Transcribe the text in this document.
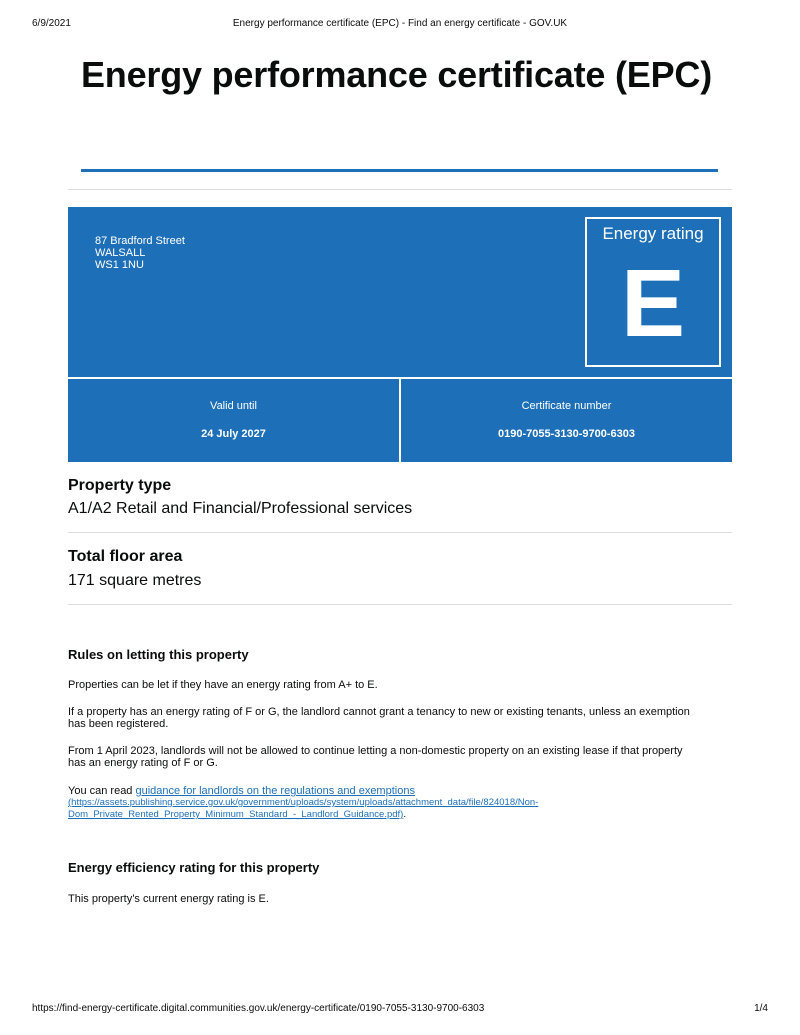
6/9/2021	Energy performance certificate (EPC) - Find an energy certificate - GOV.UK
Energy performance certificate (EPC)
87 Bradford Street
WALSALL
WS1 1NU
Energy rating
E
Valid until
24 July 2027
Certificate number
0190-7055-3130-9700-6303
Property type
A1/A2 Retail and Financial/Professional services
Total floor area
171 square metres
Rules on letting this property

Properties can be let if they have an energy rating from A+ to E.

If a property has an energy rating of F or G, the landlord cannot grant a tenancy to new or existing tenants, unless an exemption has been registered.

From 1 April 2023, landlords will not be allowed to continue letting a non-domestic property on an existing lease if that property has an energy rating of F or G.

You can read guidance for landlords on the regulations and exemptions
(https://assets.publishing.service.gov.uk/government/uploads/system/uploads/attachment_data/file/824018/Non-
Dom_Private_Rented_Property_Minimum_Standard_-_Landlord_Guidance.pdf).

Energy efficiency rating for this property

This property’s current energy rating is E.

https://find-energy-certificate.digital.communities.gov.uk/energy-certificate/0190-7055-3130-9700-6303	1/4
